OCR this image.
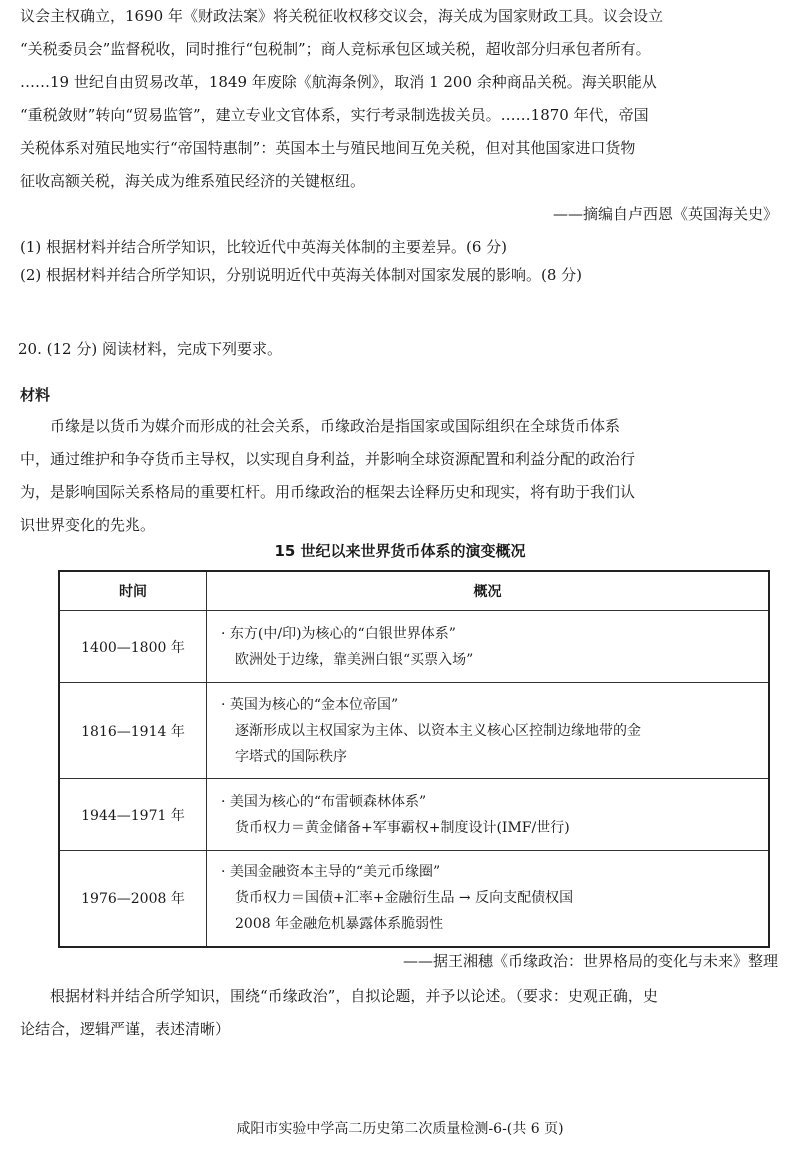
议会主权确立，1690 年《财政法案》将关税征收权移交议会，海关成为国家财政工具。议会设立
“关税委员会”监督税收，同时推行“包税制”；商人竞标承包区域关税，超收部分归承包者所有。
……19 世纪自由贸易改革，1849 年废除《航海条例》，取消 1 200 余种商品关税。海关职能从
“重税敛财”转向“贸易监管”，建立专业文官体系，实行考录制选拔关员。……1870 年代，帝国
关税体系对殖民地实行“帝国特惠制”：英国本土与殖民地间互免关税，但对其他国家进口货物
征收高额关税，海关成为维系殖民经济的关键枢纽。
——摘编自卢西恩《英国海关史》
(1) 根据材料并结合所学知识，比较近代中英海关体制的主要差异。(6 分)
(2) 根据材料并结合所学知识，分别说明近代中英海关体制对国家发展的影响。(8 分)
20. (12 分) 阅读材料，完成下列要求。
材料
币缘是以货币为媒介而形成的社会关系，币缘政治是指国家或国际组织在全球货币体系
中，通过维护和争夺货币主导权，以实现自身利益，并影响全球资源配置和利益分配的政治行
为，是影响国际关系格局的重要杠杆。用币缘政治的框架去诠释历史和现实，将有助于我们认
识世界变化的先兆。
15 世纪以来世界货币体系的演变概况
时间	概况
1400—1800 年	· 东方(中/印)为核心的“白银世界体系”
欧洲处于边缘，靠美洲白银“买票入场”

1816—1914 年	· 英国为核心的“金本位帝国”
逐渐形成以主权国家为主体、以资本主义核心区控制边缘地带的金
字塔式的国际秩序

1944—1971 年	· 美国为核心的“布雷顿森林体系”
货币权力＝黄金储备+军事霸权+制度设计(IMF/世行)

1976—2008 年	· 美国金融资本主导的“美元币缘圈”
货币权力＝国债+汇率+金融衍生品 → 反向支配债权国
2008 年金融危机暴露体系脆弱性
——据王湘穗《币缘政治：世界格局的变化与未来》整理
根据材料并结合所学知识，围绕“币缘政治”，自拟论题，并予以论述。（要求：史观正确，史
论结合，逻辑严谨，表述清晰）
咸阳市实验中学高二历史第二次质量检测-6-(共 6 页)
